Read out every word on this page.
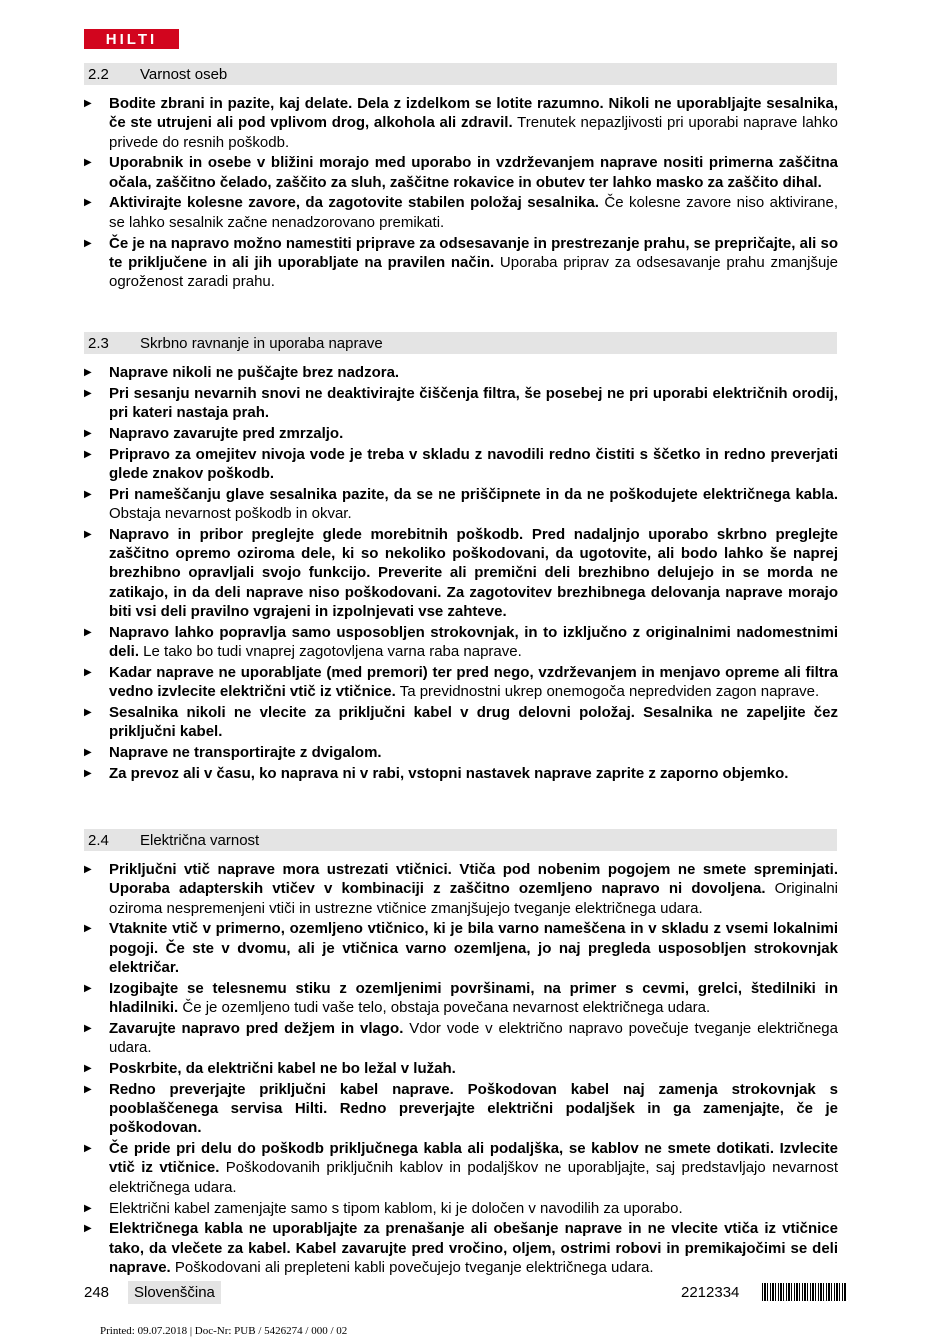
HILTI
2.2 Varnost oseb
▶ Bodite zbrani in pazite, kaj delate. Dela z izdelkom se lotite razumno. Nikoli ne uporabljajte sesalnika, če ste utrujeni ali pod vplivom drog, alkohola ali zdravil. Trenutek nepazljivosti pri uporabi naprave lahko privede do resnih poškodb.
▶ Uporabnik in osebe v bližini morajo med uporabo in vzdrževanjem naprave nositi primerna zaščitna očala, zaščitno čelado, zaščito za sluh, zaščitne rokavice in obutev ter lahko masko za zaščito dihal.
▶ Aktivirajte kolesne zavore, da zagotovite stabilen položaj sesalnika. Če kolesne zavore niso aktivirane, se lahko sesalnik začne nenadzorovano premikati.
▶ Če je na napravo možno namestiti priprave za odsesavanje in prestrezanje prahu, se prepričajte, ali so te priključene in ali jih uporabljate na pravilen način. Uporaba priprav za odsesavanje prahu zmanjšuje ogroženost zaradi prahu.
2.3 Skrbno ravnanje in uporaba naprave
▶ Naprave nikoli ne puščajte brez nadzora.
▶ Pri sesanju nevarnih snovi ne deaktivirajte čiščenja filtra, še posebej ne pri uporabi električnih orodij, pri kateri nastaja prah.
▶ Napravo zavarujte pred zmrzaljo.
▶ Pripravo za omejitev nivoja vode je treba v skladu z navodili redno čistiti s ščetko in redno preverjati glede znakov poškodb.
▶ Pri nameščanju glave sesalnika pazite, da se ne priščipnete in da ne poškodujete električnega kabla. Obstaja nevarnost poškodb in okvar.
▶ Napravo in pribor preglejte glede morebitnih poškodb. Pred nadaljnjo uporabo skrbno preglejte zaščitno opremo oziroma dele, ki so nekoliko poškodovani, da ugotovite, ali bodo lahko še naprej brezhibno opravljali svojo funkcijo. Preverite ali premični deli brezhibno delujejo in se morda ne zatikajo, in da deli naprave niso poškodovani. Za zagotovitev brezhibnega delovanja naprave morajo biti vsi deli pravilno vgrajeni in izpolnjevati vse zahteve.
▶ Napravo lahko popravlja samo usposobljen strokovnjak, in to izključno z originalnimi nadomestnimi deli. Le tako bo tudi vnaprej zagotovljena varna raba naprave.
▶ Kadar naprave ne uporabljate (med premori) ter pred nego, vzdrževanjem in menjavo opreme ali filtra vedno izvlecite električni vtič iz vtičnice. Ta previdnostni ukrep onemogoča nepredviden zagon naprave.
▶ Sesalnika nikoli ne vlecite za priključni kabel v drug delovni položaj. Sesalnika ne zapeljite čez priključni kabel.
▶ Naprave ne transportirajte z dvigalom.
▶ Za prevoz ali v času, ko naprava ni v rabi, vstopni nastavek naprave zaprite z zaporno objemko.
2.4 Električna varnost
▶ Priključni vtič naprave mora ustrezati vtičnici. Vtiča pod nobenim pogojem ne smete spreminjati. Uporaba adapterskih vtičev v kombinaciji z zaščitno ozemljeno napravo ni dovoljena. Originalni oziroma nespremenjeni vtiči in ustrezne vtičnice zmanjšujejo tveganje električnega udara.
▶ Vtaknite vtič v primerno, ozemljeno vtičnico, ki je bila varno nameščena in v skladu z vsemi lokalnimi pogoji. Če ste v dvomu, ali je vtičnica varno ozemljena, jo naj pregleda usposobljen strokovnjak električar.
▶ Izogibajte se telesnemu stiku z ozemljenimi površinami, na primer s cevmi, grelci, štedilniki in hladilniki. Če je ozemljeno tudi vaše telo, obstaja povečana nevarnost električnega udara.
▶ Zavarujte napravo pred dežjem in vlago. Vdor vode v električno napravo povečuje tveganje električnega udara.
▶ Poskrbite, da električni kabel ne bo ležal v lužah.
▶ Redno preverjajte priključni kabel naprave. Poškodovan kabel naj zamenja strokovnjak s pooblaščenega servisa Hilti. Redno preverjajte električni podaljšek in ga zamenjajte, če je poškodovan.
▶ Če pride pri delu do poškodb priključnega kabla ali podaljška, se kablov ne smete dotikati. Izvlecite vtič iz vtičnice. Poškodovanih priključnih kablov in podaljškov ne uporabljajte, saj predstavljajo nevarnost električnega udara.
▶ Električni kabel zamenjajte samo s tipom kablom, ki je določen v navodilih za uporabo.
▶ Električnega kabla ne uporabljajte za prenašanje ali obešanje naprave in ne vlecite vtiča iz vtičnice tako, da vlečete za kabel. Kabel zavarujte pred vročino, oljem, ostrimi robovi in premikajočimi se deli naprave. Poškodovani ali prepleteni kabli povečujejo tveganje električnega udara.
248	Slovenščina	2212334
Printed: 09.07.2018 | Doc-Nr: PUB / 5426274 / 000 / 02
